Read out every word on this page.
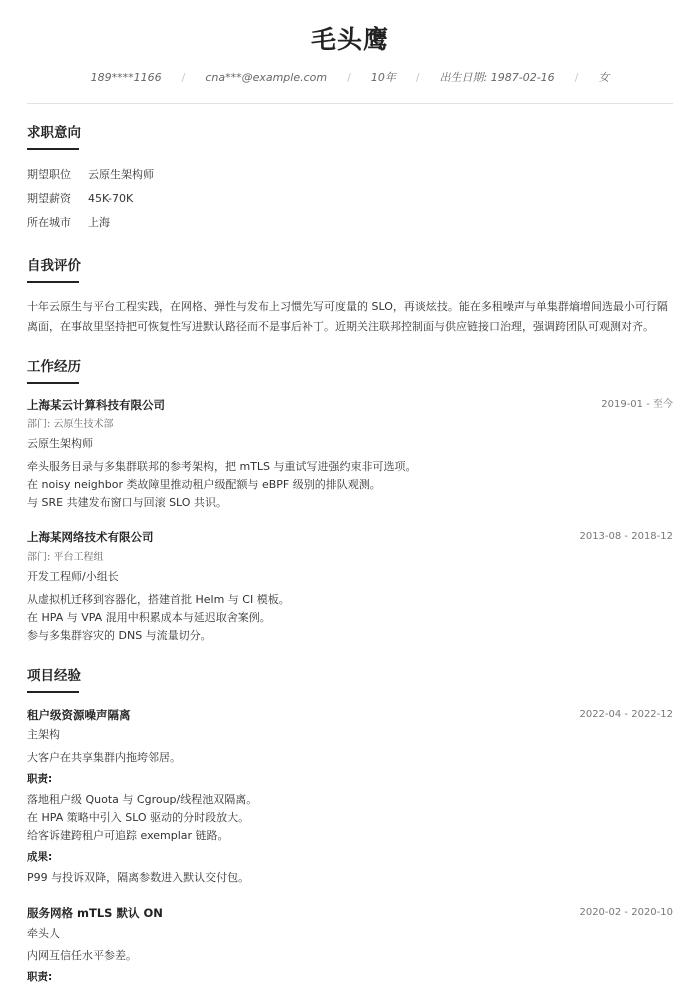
毛头鹰
189****1166 / cna***@example.com / 10年 / 出生日期: 1987-02-16 / 女
求职意向
期望职位 云原生架构师
期望薪资 45K-70K
所在城市 上海
自我评价
十年云原生与平台工程实践，在网格、弹性与发布上习惯先写可度量的 SLO，再谈炫技。能在多租噪声与单集群熵增间选最小可行隔离面，在事故里坚持把可恢复性写进默认路径而不是事后补丁。近期关注联邦控制面与供应链接口治理，强调跨团队可观测对齐。
工作经历
上海某云计算科技有限公司	2019-01 - 至今
部门: 云原生技术部
云原生架构师
牵头服务目录与多集群联邦的参考架构，把 mTLS 与重试写进强约束非可选项。
在 noisy neighbor 类故障里推动租户级配额与 eBPF 级别的排队观测。
与 SRE 共建发布窗口与回滚 SLO 共识。
上海某网络技术有限公司	2013-08 - 2018-12
部门: 平台工程组
开发工程师/小组长
从虚拟机迁移到容器化，搭建首批 Helm 与 CI 模板。
在 HPA 与 VPA 混用中积累成本与延迟取舍案例。
参与多集群容灾的 DNS 与流量切分。
项目经验
租户级资源噪声隔离	2022-04 - 2022-12
主架构
大客户在共享集群内拖垮邻居。
职责:
落地租户级 Quota 与 Cgroup/线程池双隔离。
在 HPA 策略中引入 SLO 驱动的分时段放大。
给客诉建跨租户可追踪 exemplar 链路。
成果:
P99 与投诉双降，隔离参数进入默认交付包。
服务网格 mTLS 默认 ON	2020-02 - 2020-10
牵头人
内网互信任水平参差。
职责:
